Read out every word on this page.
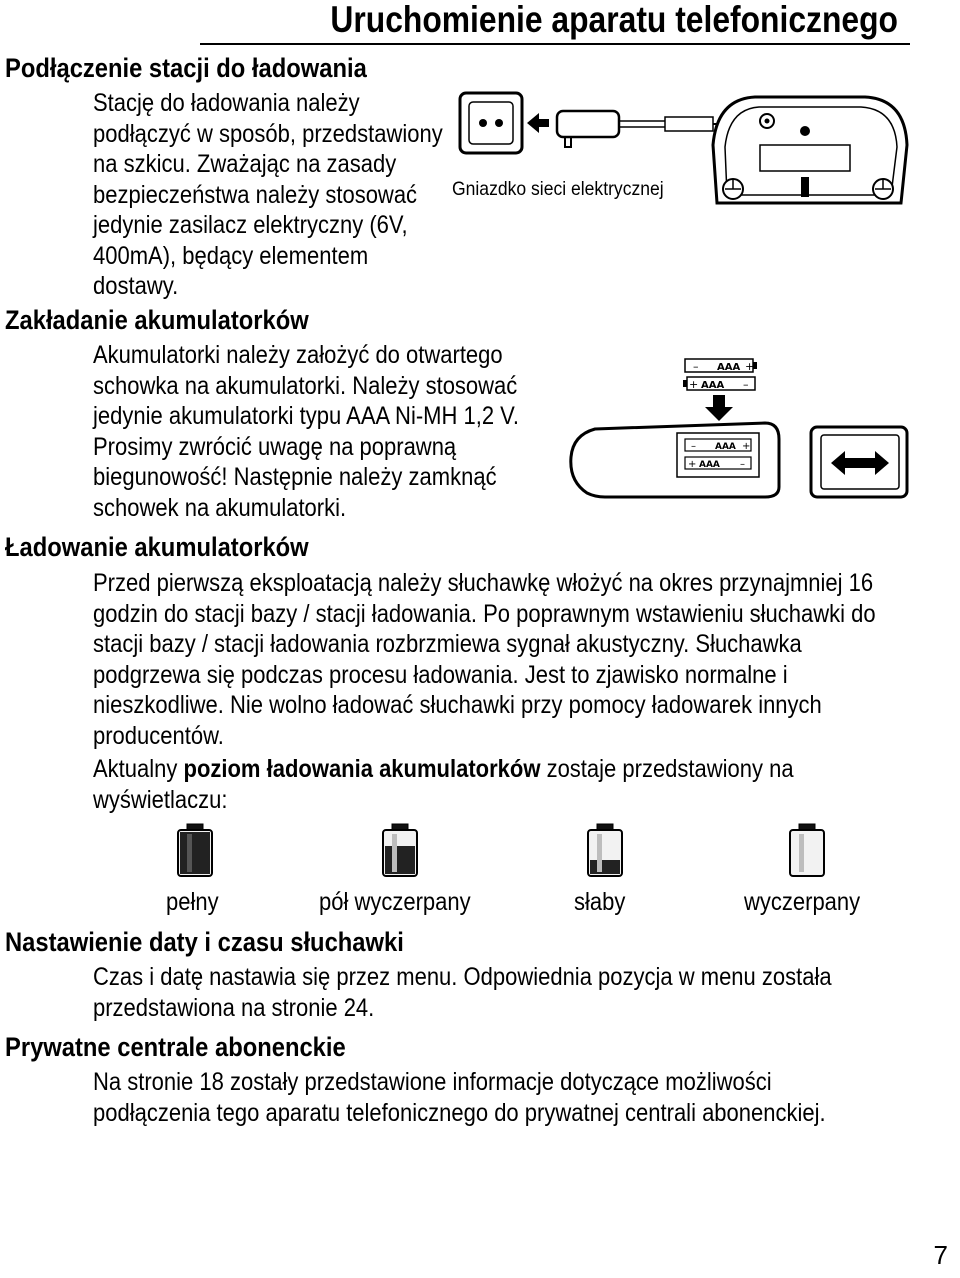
Uruchomienie aparatu telefonicznego
Podłączenie stacji do ładowania
Stację do ładowania należy
podłączyć w sposób, przedstawiony
na szkicu. Zważając na zasady
bezpieczeństwa należy stosować
jedynie zasilacz elektryczny (6V,
400mA), będący elementem
dostawy.
Gniazdko sieci elektrycznej
Zakładanie akumulatorków
Akumulatorki należy założyć do otwartego
schowka na akumulatorki. Należy stosować
jedynie akumulatorki typu AAA Ni-MH 1,2 V.
Prosimy zwrócić uwagę na poprawną
biegunowość! Następnie należy zamknąć
schowek na akumulatorki.
– AAA +
+ AAA –
– AAA +
+ AAA –
Ładowanie akumulatorków
Przed pierwszą eksploatacją należy słuchawkę włożyć na okres przynajmniej 16
godzin do stacji bazy / stacji ładowania. Po poprawnym wstawieniu słuchawki do
stacji bazy / stacji ładowania rozbrzmiewa sygnał akustyczny. Słuchawka
podgrzewa się podczas procesu ładowania. Jest to zjawisko normalne i
nieszkodliwe. Nie wolno ładować słuchawki przy pomocy ładowarek innych
producentów.
Aktualny poziom ładowania akumulatorków zostaje przedstawiony na
wyświetlaczu:
pełny	pół wyczerpany	słaby	wyczerpany
Nastawienie daty i czasu słuchawki
Czas i datę nastawia się przez menu. Odpowiednia pozycja w menu została
przedstawiona na stronie 24.
Prywatne centrale abonenckie
Na stronie 18 zostały przedstawione informacje dotyczące możliwości
podłączenia tego aparatu telefonicznego do prywatnej centrali abonenckiej.
7
